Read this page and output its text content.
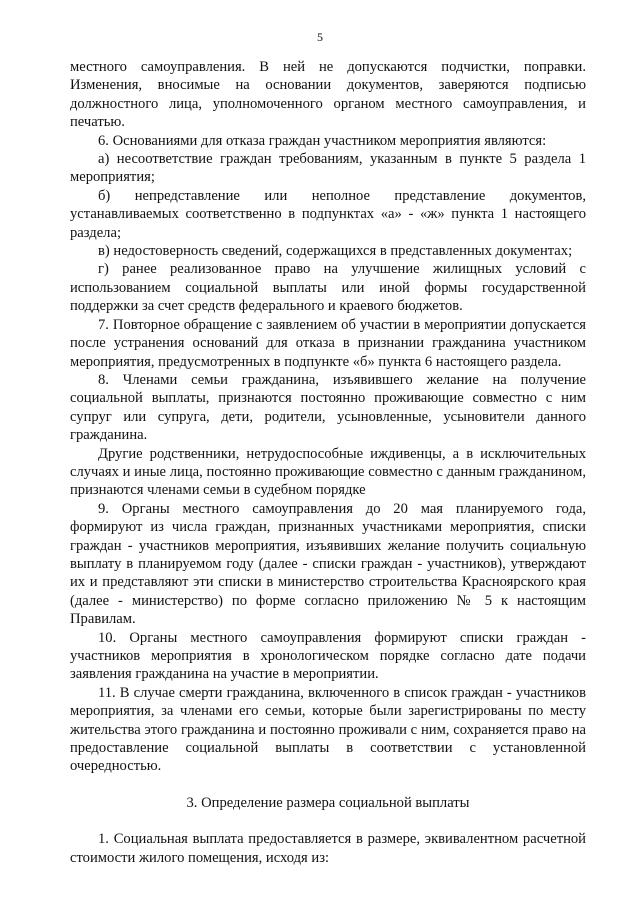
5

местного самоуправления. В ней не допускаются подчистки, поправки. Изменения, вносимые на основании документов, заверяются подписью должностного лица, уполномоченного органом местного самоуправления, и печатью.

6. Основаниями для отказа граждан участником мероприятия являются:

а) несоответствие граждан требованиям, указанным в пункте 5 раздела 1 мероприятия;

б) непредставление или неполное представление документов, устанавливаемых соответственно в подпунктах «а» - «ж» пункта 1 настоящего раздела;

в) недостоверность сведений, содержащихся в представленных документах;

г) ранее реализованное право на улучшение жилищных условий с использованием социальной выплаты или иной формы государственной поддержки за счет средств федерального и краевого бюджетов.

7. Повторное обращение с заявлением об участии в мероприятии допускается после устранения оснований для отказа в признании гражданина участником мероприятия, предусмотренных в подпункте «б» пункта 6 настоящего раздела.

8. Членами семьи гражданина, изъявившего желание на получение социальной выплаты, признаются постоянно проживающие совместно с ним супруг или супруга, дети, родители, усыновленные, усыновители данного гражданина.

Другие родственники, нетрудоспособные иждивенцы, а в исключительных случаях и иные лица, постоянно проживающие совместно с данным гражданином, признаются членами семьи в судебном порядке

9. Органы местного самоуправления до 20 мая планируемого года, формируют из числа граждан, признанных участниками мероприятия, списки граждан - участников мероприятия, изъявивших желание получить социальную выплату в планируемом году (далее - списки граждан - участников), утверждают их и представляют эти списки в министерство строительства Красноярского края (далее - министерство) по форме согласно приложению № 5 к настоящим Правилам.

10. Органы местного самоуправления формируют списки граждан - участников мероприятия в хронологическом порядке согласно дате подачи заявления гражданина на участие в мероприятии.

11. В случае смерти гражданина, включенного в список граждан - участников мероприятия, за членами его семьи, которые были зарегистрированы по месту жительства этого гражданина и постоянно проживали с ним, сохраняется право на предоставление социальной выплаты в соответствии с установленной очередностью.

3. Определение размера социальной выплаты

1. Социальная выплата предоставляется в размере, эквивалентном расчетной стоимости жилого помещения, исходя из:
